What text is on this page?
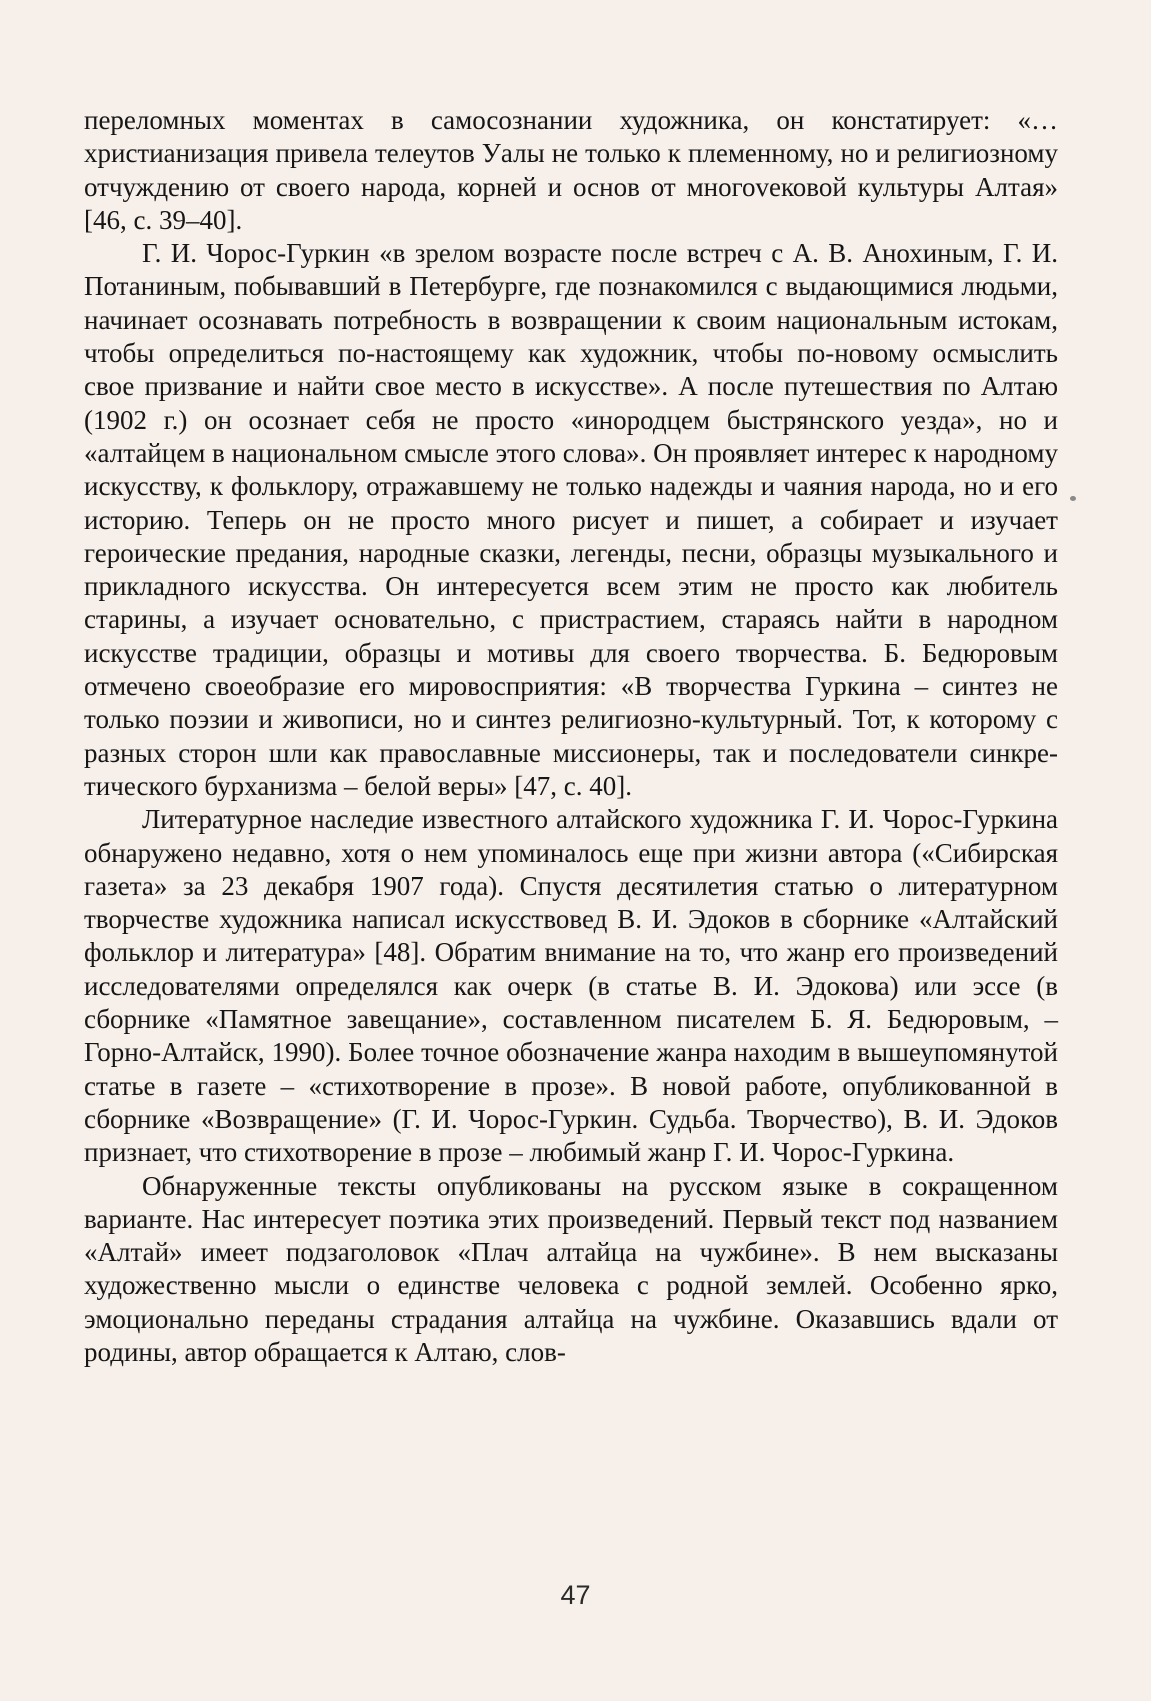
переломных моментах в самосознании художника, он констатирует: «…христианизация привела телеутов Уалы не только к племенному, но и религиозному отчуждению от своего народа, корней и основ от многоvековой культуры Алтая» [46, с. 39–40].

Г. И. Чорос-Гуркин «в зрелом возрасте после встреч с А. В. Анохиным, Г. И. Потаниным, побывавший в Петербурге, где познакомился с выдающимися людьми, начинает осознавать потребность в возвращении к своим национальным истокам, чтобы определиться по-настоящему как художник, чтобы по-новому осмыслить свое призвание и найти свое место в искусстве». А после путешествия по Алтаю (1902 г.) он осознает себя не просто «инородцем быстрянского уезда», но и «алтайцем в национальном смысле этого слова». Он проявляет интерес к народному искусству, к фольклору, отражавшему не только надежды и чаяния народа, но и его историю. Теперь он не просто много рисует и пишет, а собирает и изучает героические предания, народные сказки, легенды, песни, образцы музыкального и прикладного искусства. Он интересуется всем этим не просто как любитель старины, а изучает основательно, с пристрастием, стараясь найти в народном искусстве традиции, образцы и мотивы для своего творчества. Б. Бедюровым отмечено своеобразие его мировосприятия: «В творчества Гуркина – синтез не только поэзии и живописи, но и синтез религиозно-культурный. Тот, к которому с разных сторон шли как православные миссионеры, так и последователи синкретического бурханизма – белой веры» [47, с. 40].

Литературное наследие известного алтайского художника Г. И. Чорос-Гуркина обнаружено недавно, хотя о нем упоминалось еще при жизни автора («Сибирская газета» за 23 декабря 1907 года). Спустя десятилетия статью о литературном творчестве художника написал искусствовед В. И. Эдоков в сборнике «Алтайский фольклор и литература» [48]. Обратим внимание на то, что жанр его произведений исследователями определялся как очерк (в статье В. И. Эдокова) или эссе (в сборнике «Памятное завещание», составленном писателем Б. Я. Бедюровым, – Горно-Алтайск, 1990). Более точное обозначение жанра находим в вышеупомянутой статье в газете – «стихотворение в прозе». В новой работе, опубликованной в сборнике «Возвращение» (Г. И. Чорос-Гуркин. Судьба. Творчество), В. И. Эдоков признает, что стихотворение в прозе – любимый жанр Г. И. Чорос-Гуркина.

Обнаруженные тексты опубликованы на русском языке в сокращенном варианте. Нас интересует поэтика этих произведений. Первый текст под названием «Алтай» имеет подзаголовок «Плач алтайца на чужбине». В нем высказаны художественно мысли о единстве человека с родной землей. Особенно ярко, эмоционально переданы страдания алтайца на чужбине. Оказавшись вдали от родины, автор обращается к Алтаю, слов-

47
